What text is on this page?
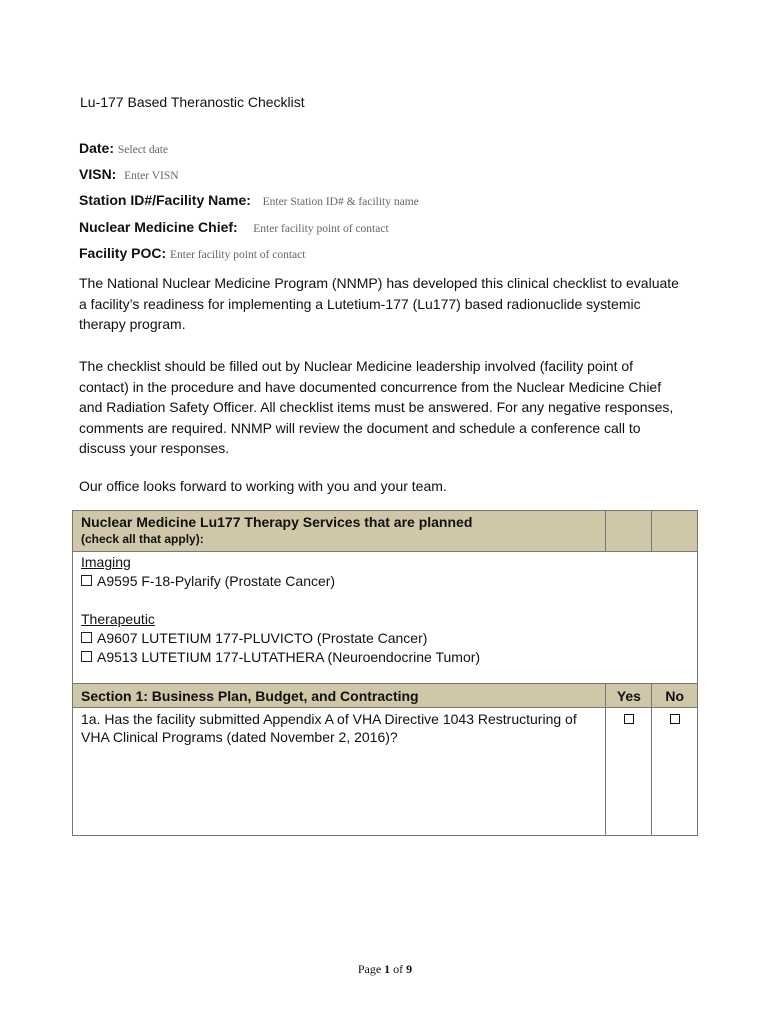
Lu-177 Based Theranostic Checklist
Date: Select date
VISN: Enter VISN
Station ID#/Facility Name: Enter Station ID# & facility name
Nuclear Medicine Chief: Enter facility point of contact
Facility POC: Enter facility point of contact
The National Nuclear Medicine Program (NNMP) has developed this clinical checklist to evaluate a facility’s readiness for implementing a Lutetium-177 (Lu177) based radionuclide systemic therapy program.
The checklist should be filled out by Nuclear Medicine leadership involved (facility point of contact) in the procedure and have documented concurrence from the Nuclear Medicine Chief and Radiation Safety Officer. All checklist items must be answered. For any negative responses, comments are required. NNMP will review the document and schedule a conference call to discuss your responses.
Our office looks forward to working with you and your team.
Nuclear Medicine Lu177 Therapy Services that are planned
(check all that apply):		

Imaging
A9595 F-18-Pylarify (Prostate Cancer)

Therapeutic
A9607 LUTETIUM 177-PLUVICTO (Prostate Cancer)
A9513 LUTETIUM 177-LUTATHERA (Neuroendocrine Tumor)		

Section 1: Business Plan, Budget, and Contracting	Yes	No
1a. Has the facility submitted Appendix A of VHA Directive 1043 Restructuring of VHA Clinical Programs (dated November 2, 2016)?		
Page 1 of 9
